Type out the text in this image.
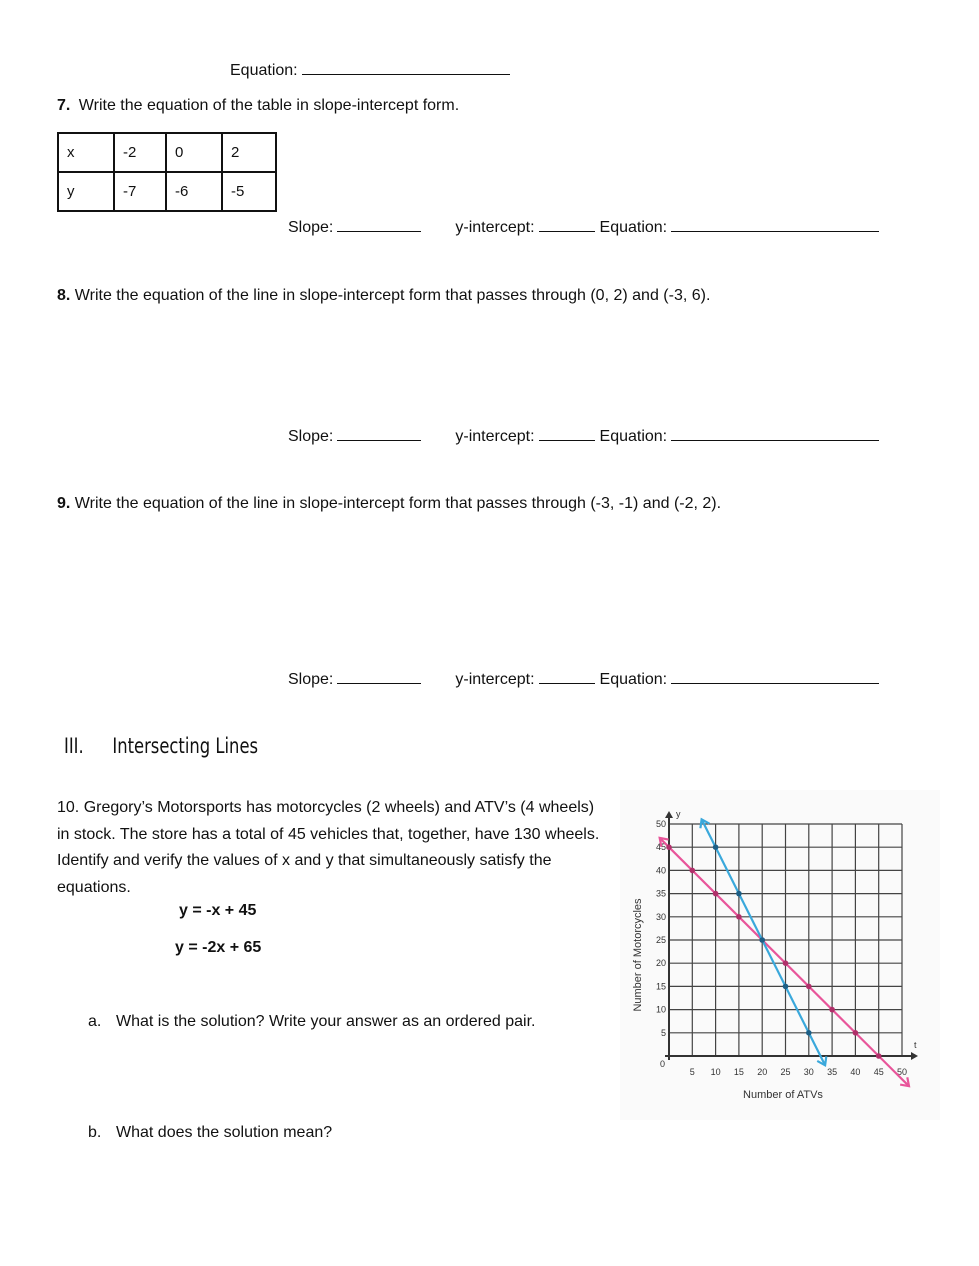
Equation:
7. Write the equation of the table in slope-intercept form.
x	-2	0	2
y	-7	-6	-5
Slope:	y-intercept:	Equation:
8. Write the equation of the line in slope-intercept form that passes through (0, 2) and (-3, 6).
Slope:	y-intercept:	Equation:
9. Write the equation of the line in slope-intercept form that passes through (-3, -1) and (-2, 2).
Slope:	y-intercept:	Equation:
III. Intersecting Lines
10. Gregory’s Motorsports has motorcycles (2 wheels) and ATV’s (4 wheels) in stock. The store has a total of 45 vehicles that, together, have 130 wheels. Identify and verify the values of x and y that simultaneously satisfy the equations.
y = -x + 45
y = -2x + 65
a. What is the solution? Write your answer as an ordered pair.
b. What does the solution mean?
y
t
5 10 15 20 25 30 35 40 45 50
5
10
15
20
25
30
35
40
45
50
0
Number of ATVs
Number of Motorcycles
